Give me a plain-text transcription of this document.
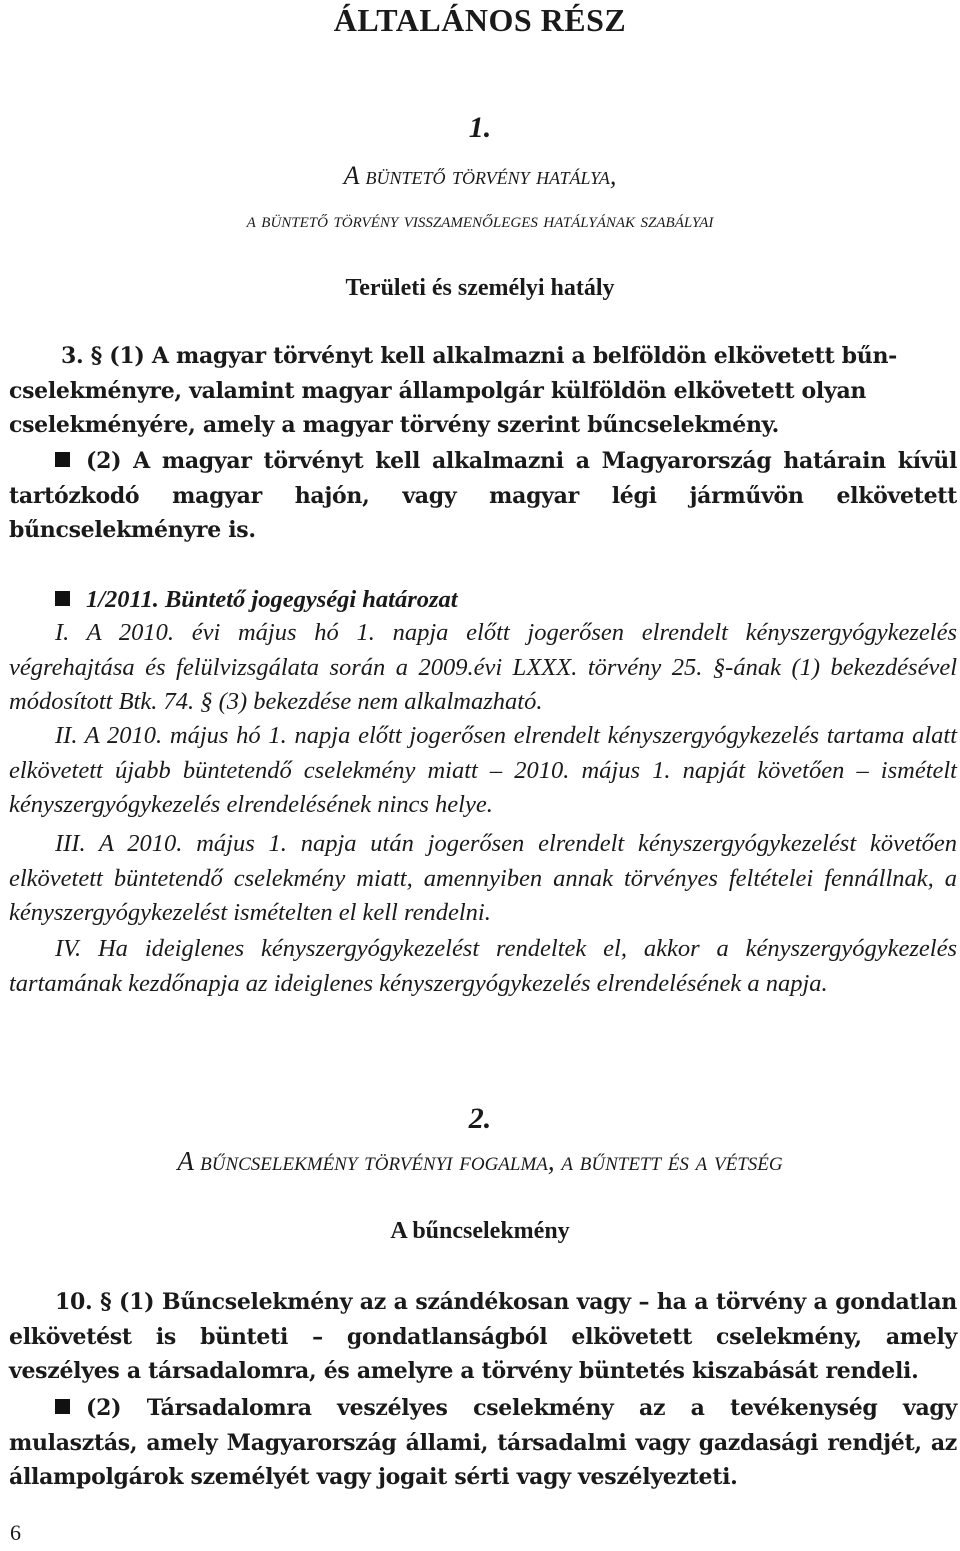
ÁLTALÁNOS RÉSZ
1.
A büntető törvény hatálya,
a büntető törvény visszamenőleges hatályának szabályai
Területi és személyi hatály
3. § (1) A magyar törvényt kell alkalmazni a belföldön elkövetett bűn-
cselekményre, valamint magyar állampolgár külföldön elkövetett olyan
cselekményére, amely a magyar törvény szerint bűncselekmény.
(2) A magyar törvényt kell alkalmazni a Magyarország határain kívül tartózkodó magyar hajón, vagy magyar légi járművön elkövetett bűncselekményre is.
1/2011. Büntető jogegységi határozat
I. A 2010. évi május hó 1. napja előtt jogerősen elrendelt kényszergyógykezelés végrehajtása és felülvizsgálata során a 2009.évi LXXX. törvény 25. §-ának (1) bekezdésével módosított Btk. 74. § (3) bekezdése nem alkalmazható.
II. A 2010. május hó 1. napja előtt jogerősen elrendelt kényszergyógykezelés tartama alatt elkövetett újabb büntetendő cselekmény miatt – 2010. május 1. napját követően – ismételt kényszergyógykezelés elrendelésének nincs helye.
III. A 2010. május 1. napja után jogerősen elrendelt kényszergyógykezelést követően elkövetett büntetendő cselekmény miatt, amennyiben annak törvényes feltételei fennállnak, a kényszergyógykezelést ismételten el kell rendelni.
IV. Ha ideiglenes kényszergyógykezelést rendeltek el, akkor a kényszergyógykezelés tartamának kezdőnapja az ideiglenes kényszergyógykezelés elrendelésének a napja.
2.
A bűncselekmény törvényi fogalma, a bűntett és a vétség
A bűncselekmény
10. § (1) Bűncselekmény az a szándékosan vagy – ha a törvény a gondatlan elkövetést is bünteti – gondatlanságból elkövetett cselekmény, amely veszélyes a társadalomra, és amelyre a törvény büntetés kiszabását rendeli.
(2) Társadalomra veszélyes cselekmény az a tevékenység vagy mulasztás, amely Magyarország állami, társadalmi vagy gazdasági rendjét, az állampolgárok személyét vagy jogait sérti vagy veszélyezteti.
6
